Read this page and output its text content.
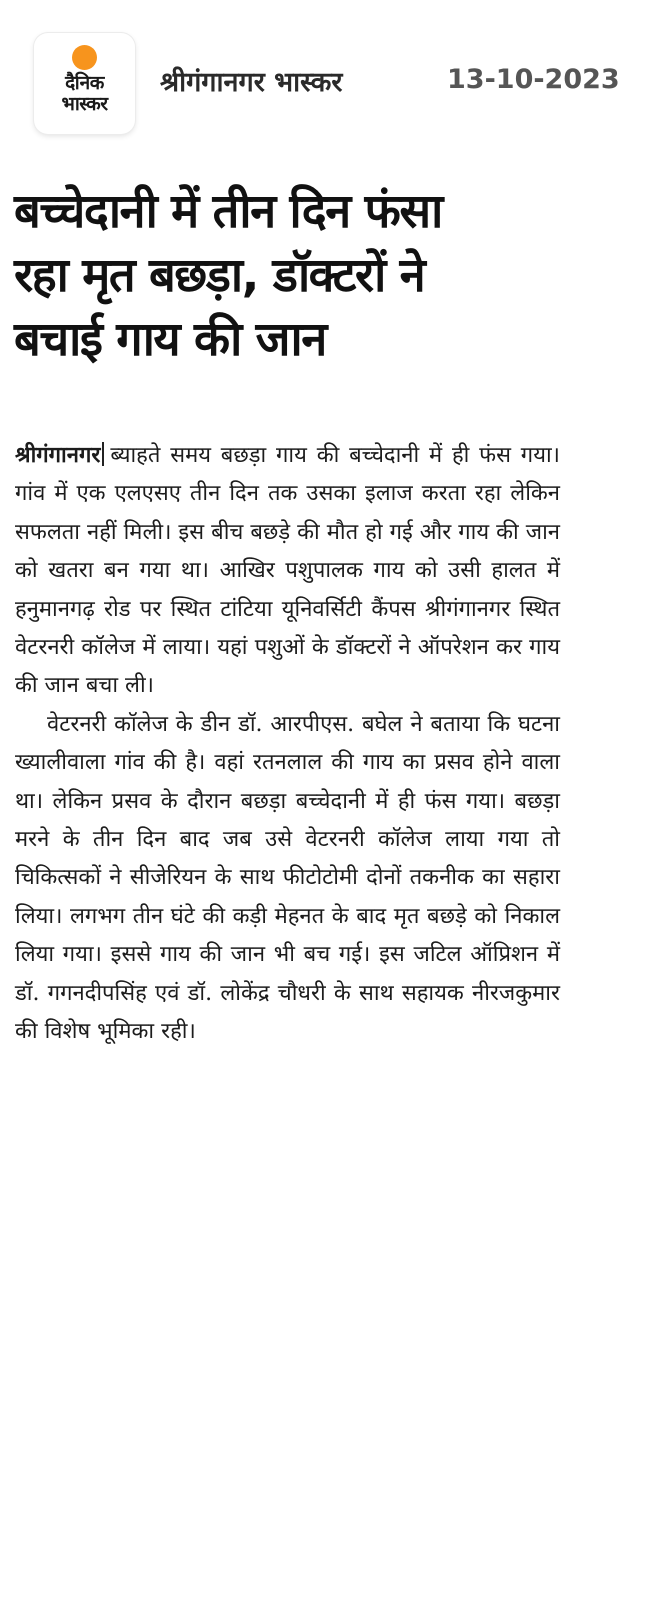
दैनिक
भास्कर
श्रीगंगानगर भास्कर	13-10-2023
बच्चेदानी में तीन दिन फंसा
रहा मृत बछड़ा, डॉक्टरों ने
बचाई गाय की जान

श्रीगंगानगर ब्याहते समय बछड़ा गाय की बच्चेदानी में ही फंस गया। गांव में एक एलएसए तीन दिन तक उसका इलाज करता रहा लेकिन सफलता नहीं मिली। इस बीच बछड़े की मौत हो गई और गाय की जान को खतरा बन गया था। आखिर पशुपालक गाय को उसी हालत में हनुमानगढ़ रोड पर स्थित टांटिया यूनिवर्सिटी कैंपस श्रीगंगानगर स्थित वेटरनरी कॉलेज में लाया। यहां पशुओं के डॉक्टरों ने ऑपरेशन कर गाय की जान बचा ली।

वेटरनरी कॉलेज के डीन डॉ. आरपीएस. बघेल ने बताया कि घटना ख्यालीवाला गांव की है। वहां रतनलाल की गाय का प्रसव होने वाला था। लेकिन प्रसव के दौरान बछड़ा बच्चेदानी में ही फंस गया। बछड़ा मरने के तीन दिन बाद जब उसे वेटरनरी कॉलेज लाया गया तो चिकित्सकों ने सीजेरियन के साथ फीटोटोमी दोनों तकनीक का सहारा लिया। लगभग तीन घंटे की कड़ी मेहनत के बाद मृत बछड़े को निकाल लिया गया। इससे गाय की जान भी बच गई। इस जटिल ऑप्रिशन में डॉ. गगनदीपसिंह एवं डॉ. लोकेंद्र चौधरी के साथ सहायक नीरजकुमार की विशेष भूमिका रही।
